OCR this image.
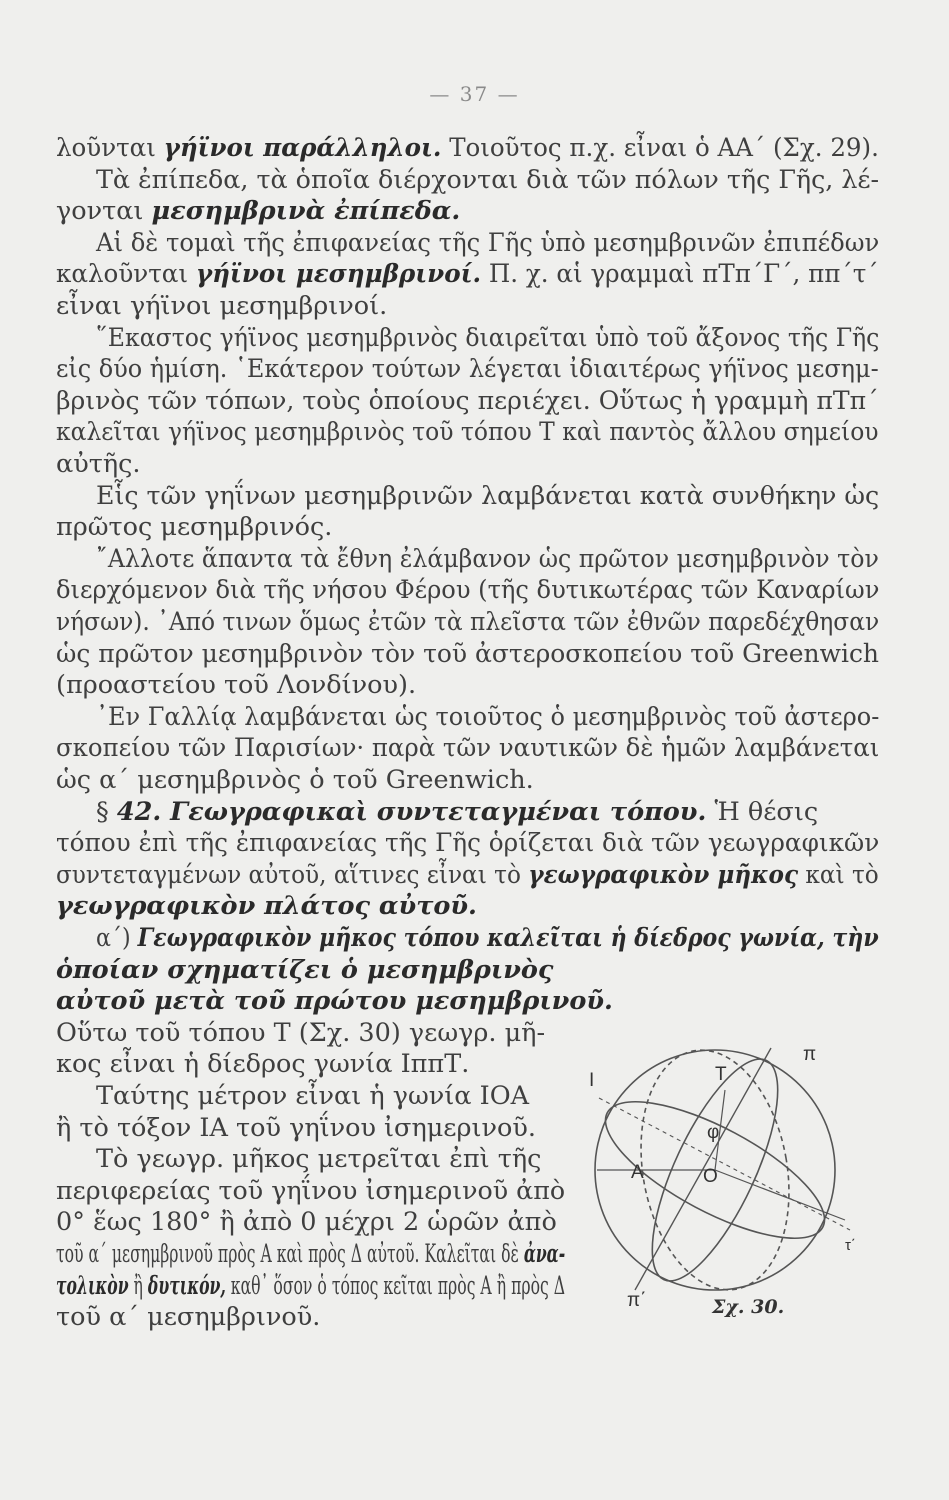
— 37 —
λοῦνται γήϊνοι παράλληλοι. Τοιοῦτος π.χ. εἶναι ὁ ΑΑ΄ (Σχ. 29).
Τὰ ἐπίπεδα, τὰ ὁποῖα διέρχονται διὰ τῶν πόλων τῆς Γῆς, λέ-
γονται μεσημβρινὰ ἐπίπεδα.
Αἱ δὲ τομαὶ τῆς ἐπιφανείας τῆς Γῆς ὑπὸ μεσημβρινῶν ἐπιπέδων
καλοῦνται γήϊνοι μεσημβρινοί. Π. χ. αἱ γραμμαὶ πΤπ΄Γ΄, ππ΄τ΄
εἶναι γήϊνοι μεσημβρινοί.
῞Εκαστος γήϊνος μεσημβρινὸς διαιρεῖται ὑπὸ τοῦ ἄξονος τῆς Γῆς
εἰς δύο ἡμίση. ῾Εκάτερον τούτων λέγεται ἰδιαιτέρως γήϊνος μεσημ-
βρινὸς τῶν τόπων, τοὺς ὁποίους περιέχει. Οὕτως ἡ γραμμὴ πΤπ΄
καλεῖται γήϊνος μεσημβρινὸς τοῦ τόπου Τ καὶ παντὸς ἄλλου σημείου
αὐτῆς.
Εἷς τῶν γηΐνων μεσημβρινῶν λαμβάνεται κατὰ συνθήκην ὡς
πρῶτος μεσημβρινός.
῎Αλλοτε ἅπαντα τὰ ἔθνη ἐλάμβανον ὡς πρῶτον μεσημβρινὸν τὸν
διερχόμενον διὰ τῆς νήσου Φέρου (τῆς δυτικωτέρας τῶν Καναρίων
νήσων). ᾿Από τινων ὅμως ἐτῶν τὰ πλεῖστα τῶν ἐθνῶν παρεδέχθησαν
ὡς πρῶτον μεσημβρινὸν τὸν τοῦ ἀστεροσκοπείου τοῦ Greenwich
(προαστείου τοῦ Λονδίνου).
᾿Εν Γαλλίᾳ λαμβάνεται ὡς τοιοῦτος ὁ μεσημβρινὸς τοῦ ἀστερο-
σκοπείου τῶν Παρισίων· παρὰ τῶν ναυτικῶν δὲ ἡμῶν λαμβάνεται
ὡς α΄ μεσημβρινὸς ὁ τοῦ Greenwich.
§ 42. Γεωγραφικαὶ συντεταγμέναι τόπου. Ἡ θέσις
τόπου ἐπὶ τῆς ἐπιφανείας τῆς Γῆς ὁρίζεται διὰ τῶν γεωγραφικῶν
συντεταγμένων αὐτοῦ, αἵτινες εἶναι τὸ γεωγραφικὸν μῆκος καὶ τὸ
γεωγραφικὸν πλάτος αὐτοῦ.
α΄) Γεωγραφικὸν μῆκος τόπου καλεῖται ἡ δίεδρος γωνία, τὴν
ὁποίαν σχηματίζει ὁ μεσημβρινὸς
αὐτοῦ μετὰ τοῦ πρώτου μεσημβρινοῦ.
Οὕτω τοῦ τόπου Τ (Σχ. 30) γεωγρ. μῆ-
κος εἶναι ἡ δίεδρος γωνία ΙππΤ.
Ταύτης μέτρον εἶναι ἡ γωνία ΙΟΑ
ἢ τὸ τόξον ΙΑ τοῦ γηΐνου ἰσημερινοῦ.
Τὸ γεωγρ. μῆκος μετρεῖται ἐπὶ τῆς
περιφερείας τοῦ γηΐνου ἰσημερινοῦ ἀπὸ
0° ἕως 180° ἢ ἀπὸ 0 μέχρι 2 ὡρῶν ἀπὸ
τοῦ α΄ μεσημβρινοῦ πρὸς Α καὶ πρὸς Δ αὐτοῦ. Καλεῖται δὲ ἀνα-
τολικὸν ἢ δυτικόν, καθ᾿ ὅσον ὁ τόπος κεῖται πρὸς Α ἢ πρὸς Δ
τοῦ α΄ μεσημβρινοῦ.
π
Τ
Ι
φ
Α	Ο
π΄
τ΄
Σχ. 30.
